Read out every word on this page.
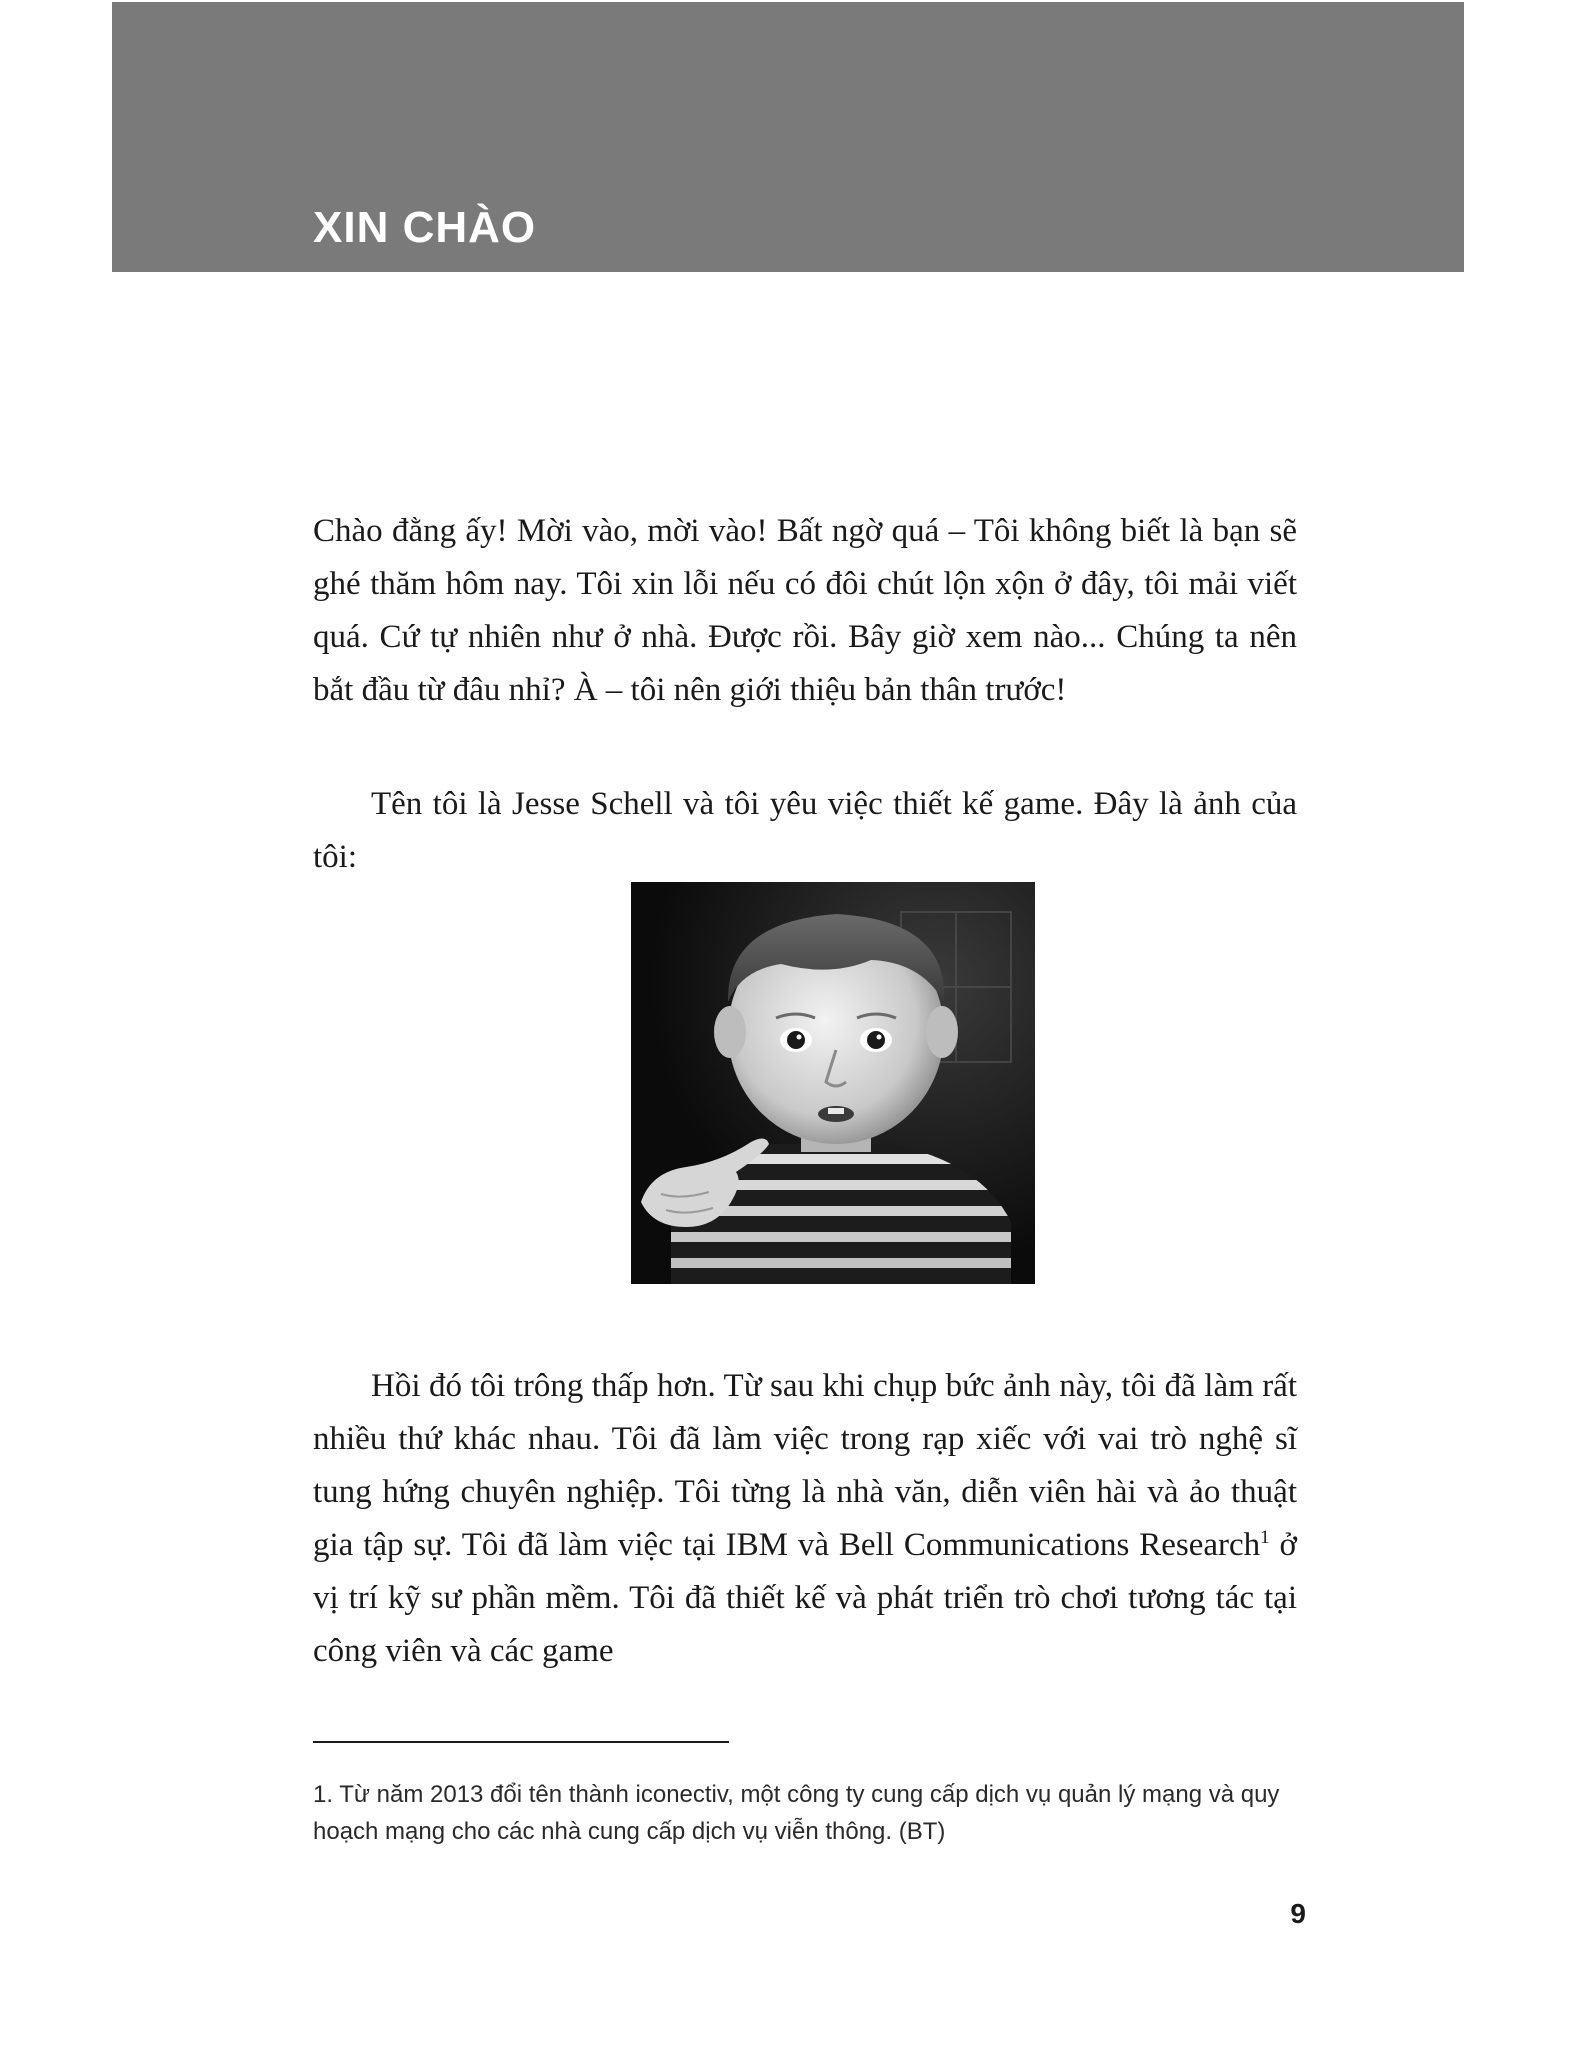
XIN CHÀO

Chào đằng ấy! Mời vào, mời vào! Bất ngờ quá – Tôi không biết là bạn sẽ ghé thăm hôm nay. Tôi xin lỗi nếu có đôi chút lộn xộn ở đây, tôi mải viết quá. Cứ tự nhiên như ở nhà. Được rồi. Bây giờ xem nào... Chúng ta nên bắt đầu từ đâu nhỉ? À – tôi nên giới thiệu bản thân trước!

Tên tôi là Jesse Schell và tôi yêu việc thiết kế game. Đây là ảnh của tôi:

Hồi đó tôi trông thấp hơn. Từ sau khi chụp bức ảnh này, tôi đã làm rất nhiều thứ khác nhau. Tôi đã làm việc trong rạp xiếc với vai trò nghệ sĩ tung hứng chuyên nghiệp. Tôi từng là nhà văn, diễn viên hài và ảo thuật gia tập sự. Tôi đã làm việc tại IBM và Bell Communications Research$^1$ ở vị trí kỹ sư phần mềm. Tôi đã thiết kế và phát triển trò chơi tương tác tại công viên và các game

1. Từ năm 2013 đổi tên thành iconectiv, một công ty cung cấp dịch vụ quản lý mạng và quy hoạch mạng cho các nhà cung cấp dịch vụ viễn thông. (BT)

9
